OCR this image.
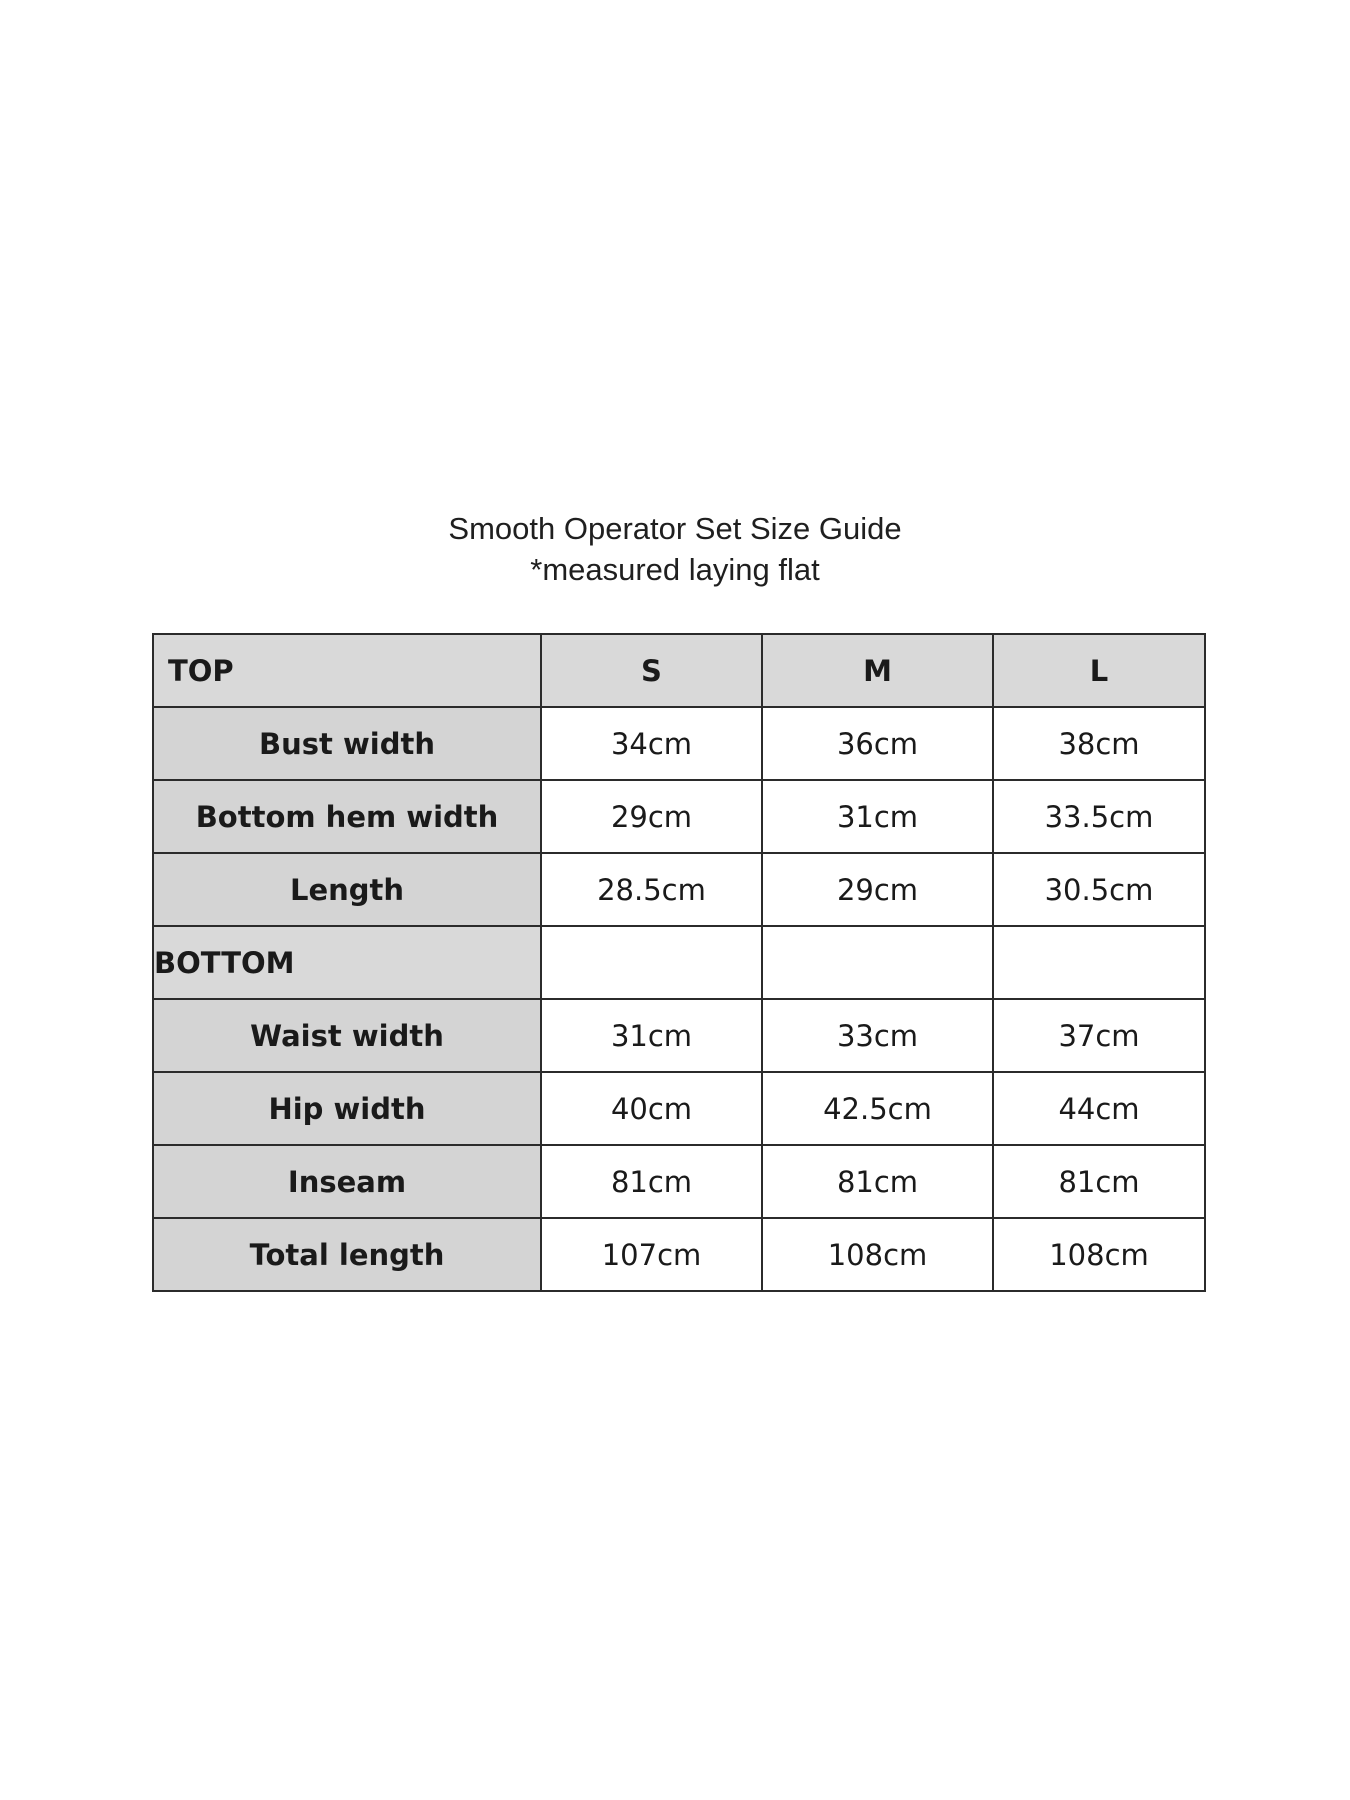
Smooth Operator Set Size Guide

*measured laying flat

TOP	S	M	L
Bust width	34cm	36cm	38cm
Bottom hem width	29cm	31cm	33.5cm
Length	28.5cm	29cm	30.5cm
BOTTOM			
Waist width	31cm	33cm	37cm
Hip width	40cm	42.5cm	44cm
Inseam	81cm	81cm	81cm
Total length	107cm	108cm	108cm
